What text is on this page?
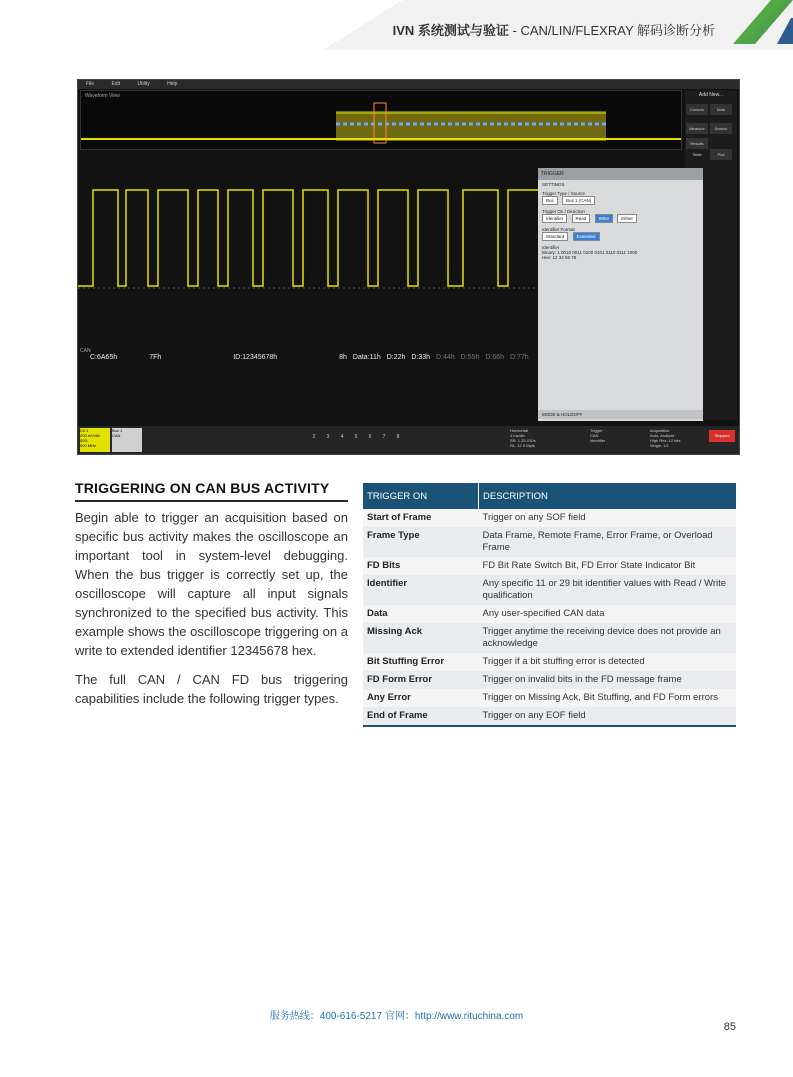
IVN 系统测试与验证 - CAN/LIN/FLEXRAY 解码诊断分析
File	Edit	Utility	Help
Waveform View	Add New...
Cursors	Note Measure Search Results Table	Plot
TRIGGER
SETTINGS
Trigger Type / Source
Bus	Bus 1 (CAN)
Trigger On / Direction
Identifier	Read	Write	Either
Identifier Format
Standard	Extended
Identifier
Binary: 1 0010 0011 0100 0101 0110 0111 1000
Hex: 12 34 56 78
MODE & HOLDOFF
CAN
C:6A65h	7Fh	ID:12345678h	8h Data:11h D:22h D:33h D:44h D:55h D:66h D:77h
Ch 1
200 mV/div
50Ω
500 MHz
Bus 1
CAN	2	3	4	5	6	7	8
Horizontal
1 ms/div
SR: 1.25 GS/s
RL: 12.5 Mpts
Trigger
CAN
Identifier
Acquisition
Auto, Analyze
High Res: 12 bits
Single: 1/1
Stopped
TRIGGERING ON CAN BUS ACTIVITY

Begin able to trigger an acquisition based on specific bus activity makes the oscilloscope an important tool in system-level debugging. When the bus trigger is correctly set up, the oscilloscope will capture all input signals synchronized to the specified bus activity. This example shows the oscilloscope triggering on a write to extended identifier 12345678 hex.

The full CAN / CAN FD bus triggering capabilities include the following trigger types.

TRIGGER ON	DESCRIPTION
Start of Frame	Trigger on any SOF field
Frame Type	Data Frame, Remote Frame, Error Frame, or Overload Frame
FD Bits	FD Bit Rate Switch Bit, FD Error State Indicator Bit
Identifier	Any specific 11 or 29 bit identifier values with Read / Write qualification
Data	Any user-specified CAN data
Missing Ack	Trigger anytime the receiving device does not provide an acknowledge
Bit Stuffing Error	Trigger if a bit stuffing error is detected
FD Form Error	Trigger on invalid bits in the FD message frame
Any Error	Trigger on Missing Ack, Bit Stuffing, and FD Form errors
End of Frame	Trigger on any EOF field
服务热线：400-616-5217 官网：http://www.rituchina.com
85
